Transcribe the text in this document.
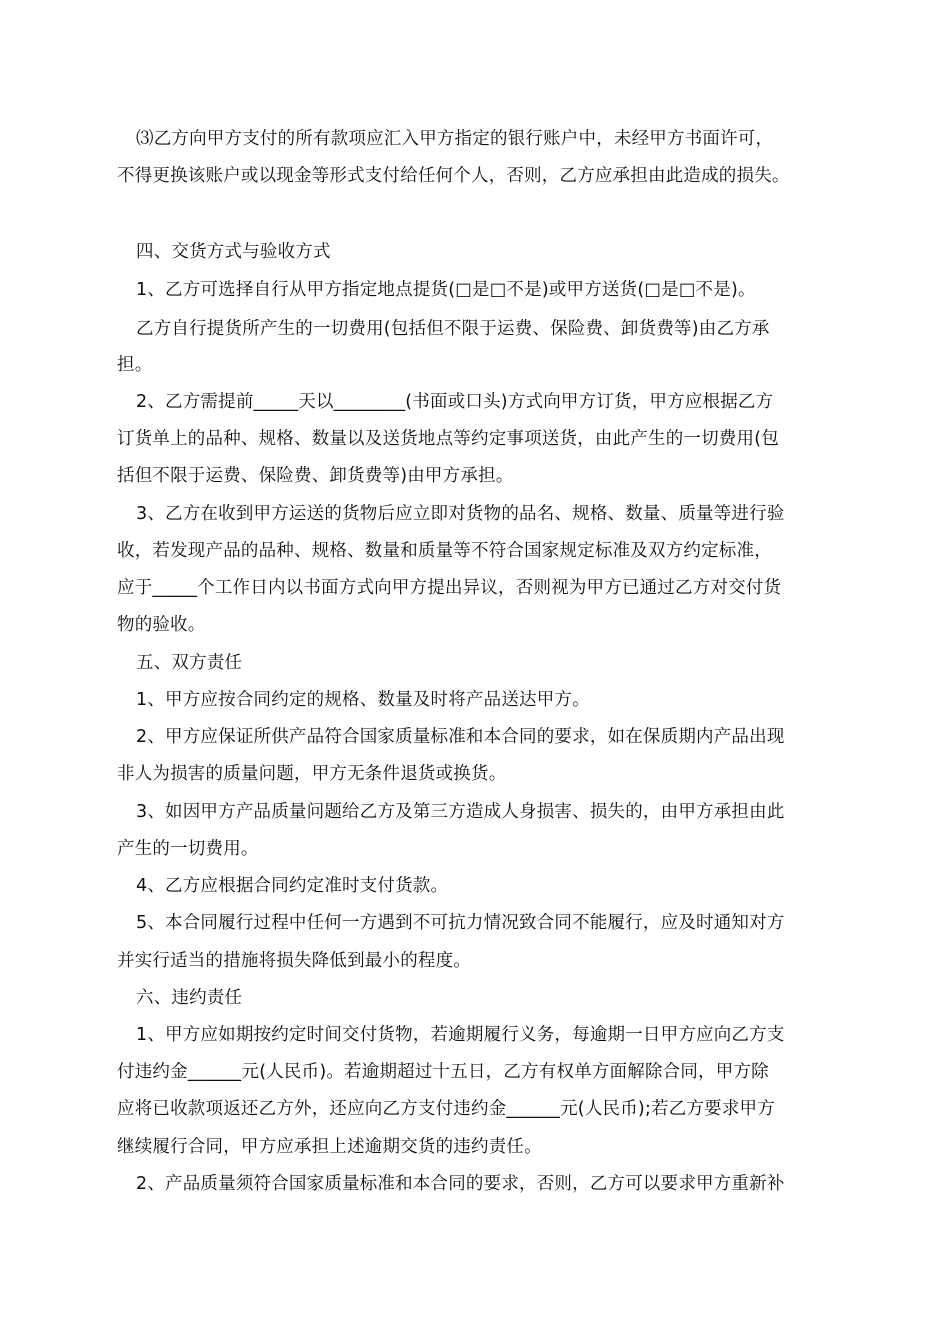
⑶乙方向甲方支付的所有款项应汇入甲方指定的银行账户中，未经甲方书面许可，
不得更换该账户或以现金等形式支付给任何个人，否则，乙方应承担由此造成的损失。
四、交货方式与验收方式
1、乙方可选择自行从甲方指定地点提货(□是□不是)或甲方送货(□是□不是)。
乙方自行提货所产生的一切费用(包括但不限于运费、保险费、卸货费等)由乙方承
担。
2、乙方需提前_____天以________(书面或口头)方式向甲方订货，甲方应根据乙方
订货单上的品种、规格、数量以及送货地点等约定事项送货，由此产生的一切费用(包
括但不限于运费、保险费、卸货费等)由甲方承担。
3、乙方在收到甲方运送的货物后应立即对货物的品名、规格、数量、质量等进行验
收，若发现产品的品种、规格、数量和质量等不符合国家规定标准及双方约定标准，
应于_____个工作日内以书面方式向甲方提出异议，否则视为甲方已通过乙方对交付货
物的验收。
五、双方责任
1、甲方应按合同约定的规格、数量及时将产品送达甲方。
2、甲方应保证所供产品符合国家质量标准和本合同的要求，如在保质期内产品出现
非人为损害的质量问题，甲方无条件退货或换货。
3、如因甲方产品质量问题给乙方及第三方造成人身损害、损失的，由甲方承担由此
产生的一切费用。
4、乙方应根据合同约定准时支付货款。
5、本合同履行过程中任何一方遇到不可抗力情况致合同不能履行，应及时通知对方
并实行适当的措施将损失降低到最小的程度。
六、违约责任
1、甲方应如期按约定时间交付货物，若逾期履行义务，每逾期一日甲方应向乙方支
付违约金______元(人民币)。若逾期超过十五日，乙方有权单方面解除合同，甲方除
应将已收款项返还乙方外，还应向乙方支付违约金______元(人民币);若乙方要求甲方
继续履行合同，甲方应承担上述逾期交货的违约责任。
2、产品质量须符合国家质量标准和本合同的要求，否则，乙方可以要求甲方重新补
